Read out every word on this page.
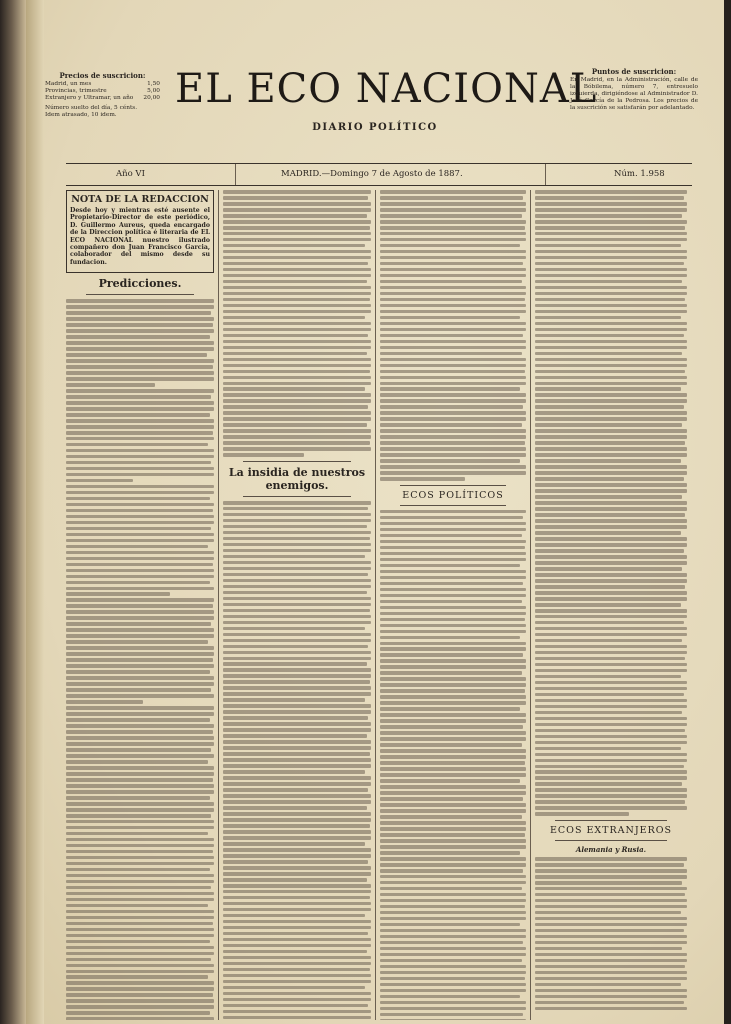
Precios de suscricion:
Madrid, un mes	1,50
Provincias, trimestre	5,00
Extranjero y Ultramar, un año 20,00
Número suelto del día, 5 cénts.
Idem atrasado, 10 idem.
EL ECO NACIONAL
DIARIO POLÍTICO
Puntos de suscricion:
En Madrid, en la Administración, calle de la Bóbilema, número 7, entresuelo izquierda, dirigiéndose al Administrador D. José García de la Pedrosa. Los precios de la suscrición se satisfarán por adelantado.
Año VI	MADRID.—Domingo 7 de Agosto de 1887.	Núm. 1.958
NOTA DE LA REDACCION
Desde hoy y mientras esté ausente el Propietario-Director de este periódico, D. Guillermo Aureus, queda encargado de la Direccion política é literaria de EL ECO NACIONAL nuestro ilustrado compañero don Juan Francisco Garcia, colaborador del mismo desde su fundacion.
Predicciones.
La insidia de nuestros enemigos.
ECOS POLÍTICOS
ECOS EXTRANJEROS
Alemania y Rusia.
